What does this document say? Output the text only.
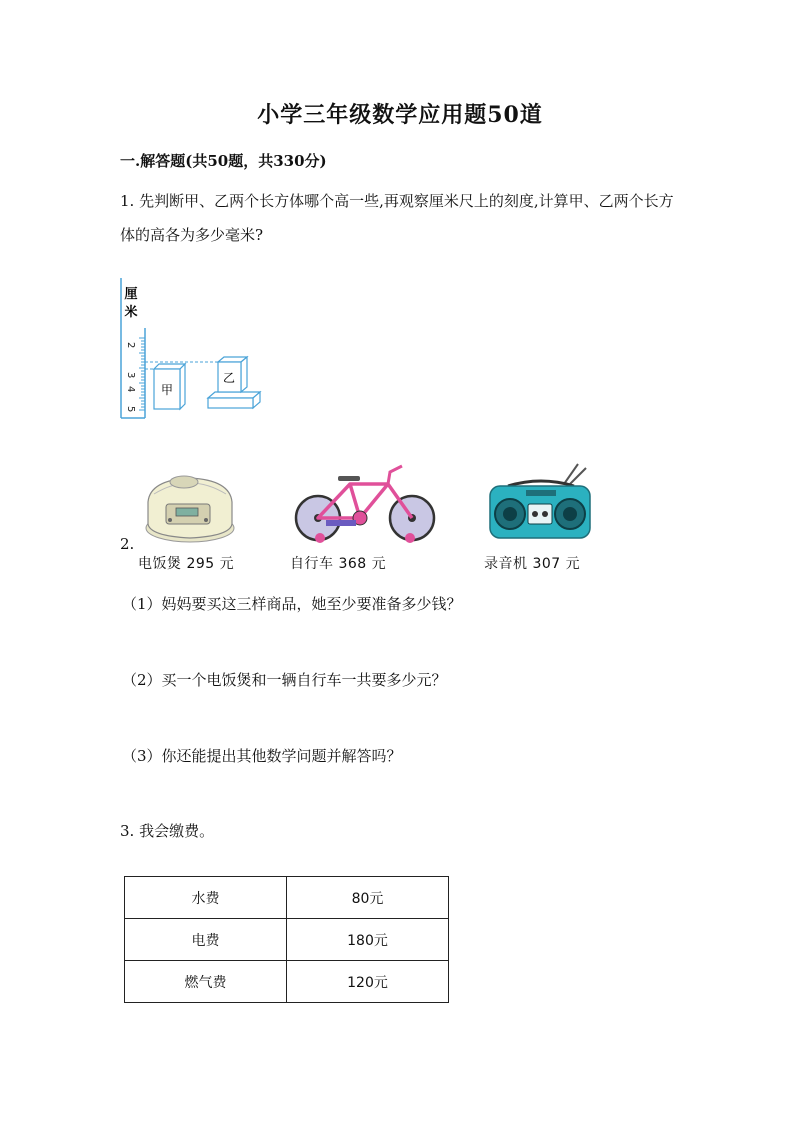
小学三年级数学应用题50道
一.解答题(共50题，共330分)
1. 先判断甲、乙两个长方体哪个高一些,再观察厘米尺上的刻度,计算甲、乙两个长方体的高各为多少毫米?
厘
米
2
3
4
5
甲
乙
2.
电饭煲 295 元	自行车 368 元	录音机 307 元
（1）妈妈要买这三样商品，她至少要准备多少钱？
（2）买一个电饭煲和一辆自行车一共要多少元？
（3）你还能提出其他数学问题并解答吗？
3. 我会缴费。
水费	80元
电费	180元
燃气费	120元
